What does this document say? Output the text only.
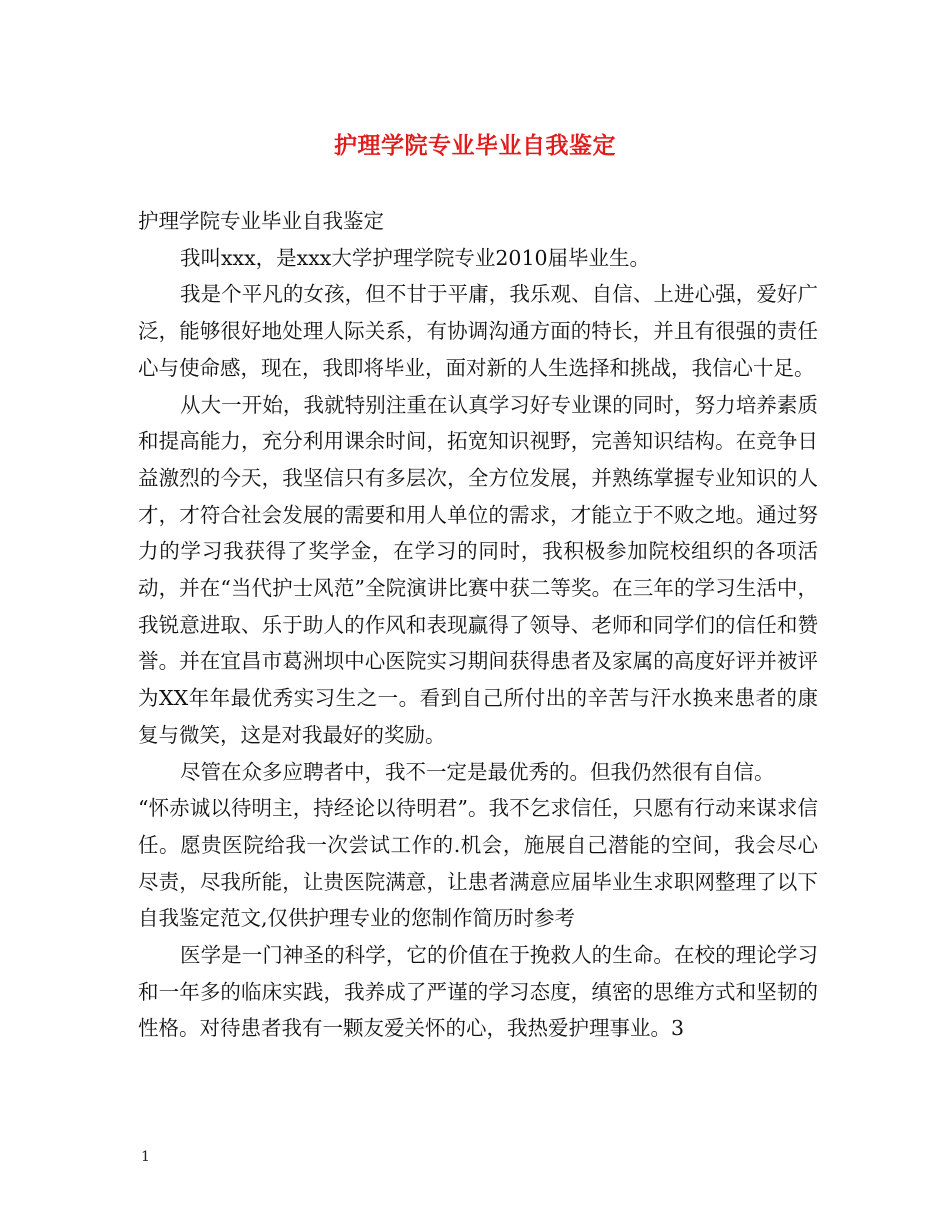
护理学院专业毕业自我鉴定

护理学院专业毕业自我鉴定

我叫xxx，是xxx大学护理学院专业2010届毕业生。

我是个平凡的女孩，但不甘于平庸，我乐观、自信、上进心强，爱好广泛，能够很好地处理人际关系，有协调沟通方面的特长，并且有很强的责任心与使命感，现在，我即将毕业，面对新的人生选择和挑战，我信心十足。

从大一开始，我就特别注重在认真学习好专业课的同时，努力培养素质和提高能力，充分利用课余时间，拓宽知识视野，完善知识结构。在竞争日益激烈的今天，我坚信只有多层次，全方位发展，并熟练掌握专业知识的人才，才符合社会发展的需要和用人单位的需求，才能立于不败之地。通过努力的学习我获得了奖学金，在学习的同时，我积极参加院校组织的各项活动，并在“当代护士风范”全院演讲比赛中获二等奖。在三年的学习生活中，我锐意进取、乐于助人的作风和表现赢得了领导、老师和同学们的信任和赞誉。并在宜昌市葛洲坝中心医院实习期间获得患者及家属的高度好评并被评为XX年年最优秀实习生之一。看到自己所付出的辛苦与汗水换来患者的康复与微笑，这是对我最好的奖励。

尽管在众多应聘者中，我不一定是最优秀的。但我仍然很有自信。

“怀赤诚以待明主，持经论以待明君”。我不乞求信任，只愿有行动来谋求信任。愿贵医院给我一次尝试工作的.机会，施展自己潜能的空间，我会尽心尽责，尽我所能，让贵医院满意，让患者满意应届毕业生求职网整理了以下自我鉴定范文,仅供护理专业的您制作简历时参考

医学是一门神圣的科学，它的价值在于挽救人的生命。在校的理论学习和一年多的临床实践，我养成了严谨的学习态度，缜密的思维方式和坚韧的性格。对待患者我有一颗友爱关怀的心，我热爱护理事业。3

1
